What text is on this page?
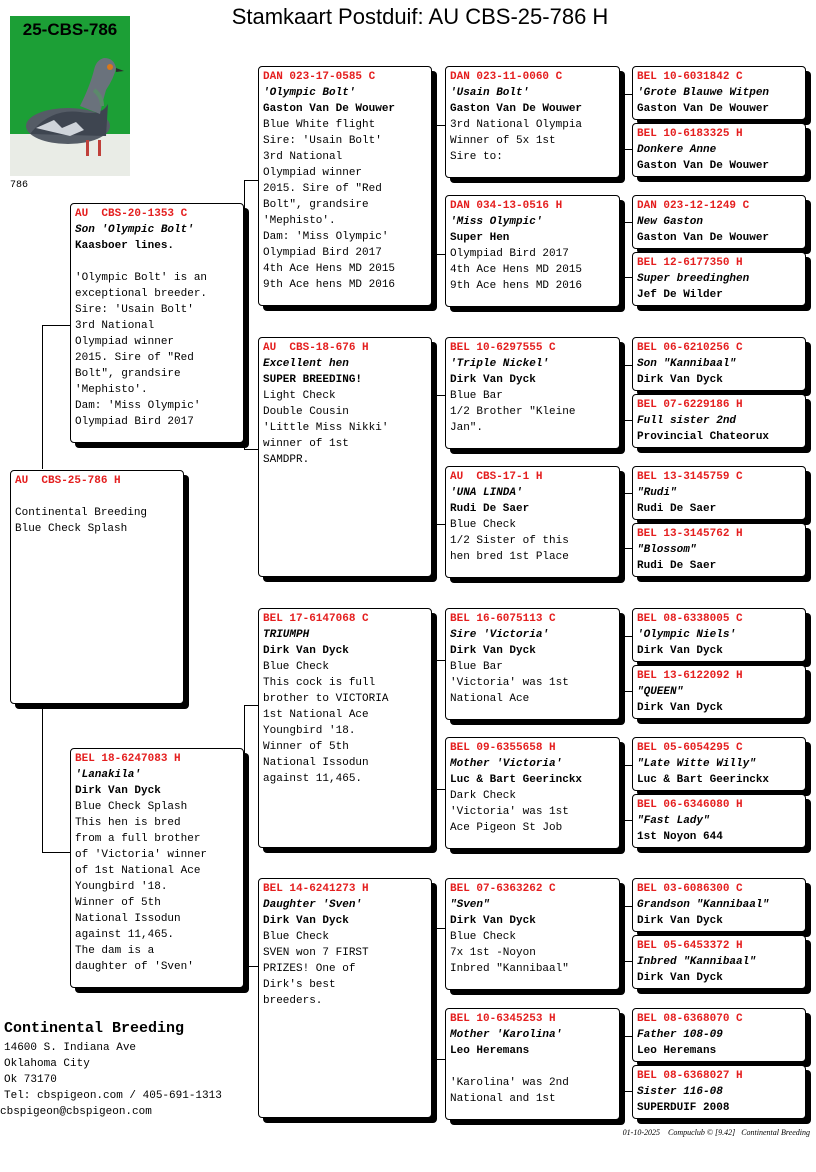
Stamkaart Postduif: AU CBS-25-786 H
25-CBS-786
786
AU  CBS-25-786 H
Continental Breeding
Blue Check Splash
AU  CBS-20-1353 C
Son 'Olympic Bolt'
Kaasboer lines.
'Olympic Bolt' is an
exceptional breeder.
Sire: 'Usain Bolt'
3rd National
Olympiad winner
2015. Sire of "Red
Bolt", grandsire
'Mephisto'.
Dam: 'Miss Olympic'
Olympiad Bird 2017
BEL 18-6247083 H
'Lanakila'
Dirk Van Dyck
Blue Check Splash
This hen is bred
from a full brother
of 'Victoria' winner
of 1st National Ace
Youngbird '18.
Winner of 5th
National Issodun
against 11,465.
The dam is a
daughter of 'Sven'
DAN 023-17-0585 C
'Olympic Bolt'
Gaston Van De Wouwer
Blue White flight
Sire: 'Usain Bolt'
3rd National
Olympiad winner
2015. Sire of "Red
Bolt", grandsire
'Mephisto'.
Dam: 'Miss Olympic'
Olympiad Bird 2017
4th Ace Hens MD 2015
9th Ace hens MD 2016
AU  CBS-18-676 H
Excellent hen
SUPER BREEDING!
Light Check
Double Cousin
'Little Miss Nikki'
winner of 1st
SAMDPR.
BEL 17-6147068 C
TRIUMPH
Dirk Van Dyck
Blue Check
This cock is full
brother to VICTORIA
1st National Ace
Youngbird '18.
Winner of 5th
National Issodun
against 11,465.
BEL 14-6241273 H
Daughter 'Sven'
Dirk Van Dyck
Blue Check
SVEN won 7 FIRST
PRIZES! One of
Dirk's best
breeders.
DAN 023-11-0060 C
'Usain Bolt'
Gaston Van De Wouwer
3rd National Olympia
Winner of 5x 1st
Sire to:
DAN 034-13-0516 H
'Miss Olympic'
Super Hen
Olympiad Bird 2017
4th Ace Hens MD 2015
9th Ace hens MD 2016
BEL 10-6297555 C
'Triple Nickel'
Dirk Van Dyck
Blue Bar
1/2 Brother "Kleine
Jan".
AU  CBS-17-1 H
'UNA LINDA'
Rudi De Saer
Blue Check
1/2 Sister of this
hen bred 1st Place
BEL 16-6075113 C
Sire 'Victoria'
Dirk Van Dyck
Blue Bar
'Victoria' was 1st
National Ace
BEL 09-6355658 H
Mother 'Victoria'
Luc & Bart Geerinckx
Dark Check
'Victoria' was 1st
Ace Pigeon St Job
BEL 07-6363262 C
"Sven"
Dirk Van Dyck
Blue Check
7x 1st -Noyon
Inbred "Kannibaal"
BEL 10-6345253 H
Mother 'Karolina'
Leo Heremans
'Karolina' was 2nd
National and 1st
BEL 10-6031842 C
'Grote Blauwe Witpen
Gaston Van De Wouwer
BEL 10-6183325 H
Donkere Anne
Gaston Van De Wouwer
DAN 023-12-1249 C
New Gaston
Gaston Van De Wouwer
BEL 12-6177350 H
Super breedinghen
Jef De Wilder
BEL 06-6210256 C
Son "Kannibaal"
Dirk Van Dyck
BEL 07-6229186 H
Full sister 2nd
Provincial Chateorux
BEL 13-3145759 C
"Rudi"
Rudi De Saer
BEL 13-3145762 H
"Blossom"
Rudi De Saer
BEL 08-6338005 C
'Olympic Niels'
Dirk Van Dyck
BEL 13-6122092 H
"QUEEN"
Dirk Van Dyck
BEL 05-6054295 C
"Late Witte Willy"
Luc & Bart Geerinckx
BEL 06-6346080 H
"Fast Lady"
1st Noyon 644
BEL 03-6086300 C
Grandson "Kannibaal"
Dirk Van Dyck
BEL 05-6453372 H
Inbred "Kannibaal"
Dirk Van Dyck
BEL 08-6368070 C
Father 108-09
Leo Heremans
BEL 08-6368027 H
Sister 116-08
SUPERDUIF 2008
Continental Breeding
14600 S. Indiana Ave
Oklahoma City
Ok 73170
Tel: cbspigeon.com / 405-691-1313
cbspigeon@cbspigeon.com
01-10-2025 Compuclub © [9.42] Continental Breeding
